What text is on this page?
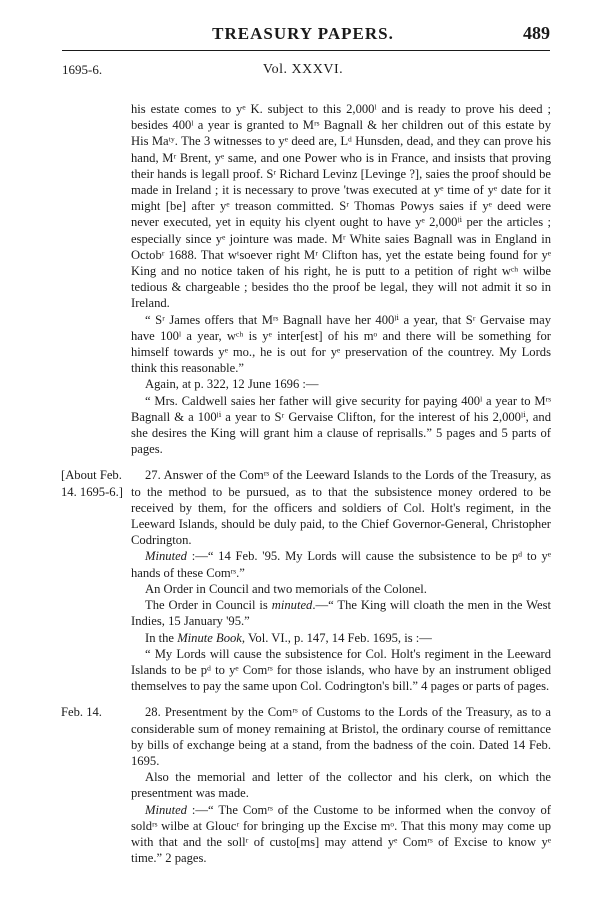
TREASURY PAPERS.	489
1695-6.	Vol. XXXVI.

his estate comes to yᵉ K. subject to this 2,000ˡ and is ready to prove his deed ; besides 400ˡ a year is granted to Mʳˢ Bagnall & her children out of this estate by His Maᵗʸ. The 3 witnesses to yᵉ deed are, Lᵈ Hunsden, dead, and they can prove his hand, Mʳ Brent, yᵉ same, and one Power who is in France, and insists that proving their hands is legall proof. Sʳ Richard Levinz [Levinge ?], saies the proof should be made in Ireland ; it is necessary to prove 'twas executed at yᵉ time of yᵉ date for it might [be] after yᵉ treason committed. Sʳ Thomas Powys saies if yᵉ deed were never executed, yet in equity his clyent ought to have yᵉ 2,000ˡⁱ per the articles ; especially since yᵉ jointure was made. Mʳ White saies Bagnall was in England in Octobʳ 1688. That wᵗsoever right Mʳ Clifton has, yet the estate being found for yᵉ King and no notice taken of his right, he is putt to a petition of right wᶜʰ wilbe tedious & chargeable ; besides tho the proof be legal, they will not admit it so in Ireland.

“ Sʳ James offers that Mʳˢ Bagnall have her 400ˡⁱ a year, that Sʳ Gervaise may have 100ˡ a year, wᶜʰ is yᵉ inter[est] of his mᵒ and there will be something for himself towards yᵉ mo., he is out for yᵉ preservation of the countrey. My Lords think this reasonable.”

Again, at p. 322, 12 June 1696 :—

“ Mrs. Caldwell saies her father will give security for paying 400ˡ a year to Mʳˢ Bagnall & a 100ˡⁱ a year to Sʳ Gervaise Clifton, for the interest of his 2,000ˡⁱ, and she desires the King will grant him a clause of reprisalls.” 5 pages and 5 parts of pages.

[About Feb. 14. 1695-6.]

27. Answer of the Comʳˢ of the Leeward Islands to the Lords of the Treasury, as to the method to be pursued, as to that the subsistence money ordered to be received by them, for the officers and soldiers of Col. Holt's regiment, in the Leeward Islands, should be duly paid, to the Chief Governor-General, Christopher Codrington.

Minuted :—“ 14 Feb. '95. My Lords will cause the subsistence to be pᵈ to yᵉ hands of these Comʳˢ.”

An Order in Council and two memorials of the Colonel.

The Order in Council is minuted.—“ The King will cloath the men in the West Indies, 15 January '95.”

In the Minute Book, Vol. VI., p. 147, 14 Feb. 1695, is :—

“ My Lords will cause the subsistence for Col. Holt's regiment in the Leeward Islands to be pᵈ to yᵉ Comʳˢ for those islands, who have by an instrument obliged themselves to pay the same upon Col. Codrington's bill.” 4 pages or parts of pages.

Feb. 14.	28. Presentment by the Comʳˢ of Customs to the Lords of the Treasury, as to a considerable sum of money remaining at Bristol, the ordinary course of remittance by bills of exchange being at a stand, from the badness of the coin. Dated 14 Feb. 1695.

Also the memorial and letter of the collector and his clerk, on which the presentment was made.

Minuted :—“ The Comʳˢ of the Custome to be informed when the convoy of soldʳˢ wilbe at Gloucʳ for bringing up the Excise mᵒ. That this mony may come up with that and the sollʳ of custo[ms] may attend yᵉ Comʳˢ of Excise to know yᵉ time.” 2 pages.
